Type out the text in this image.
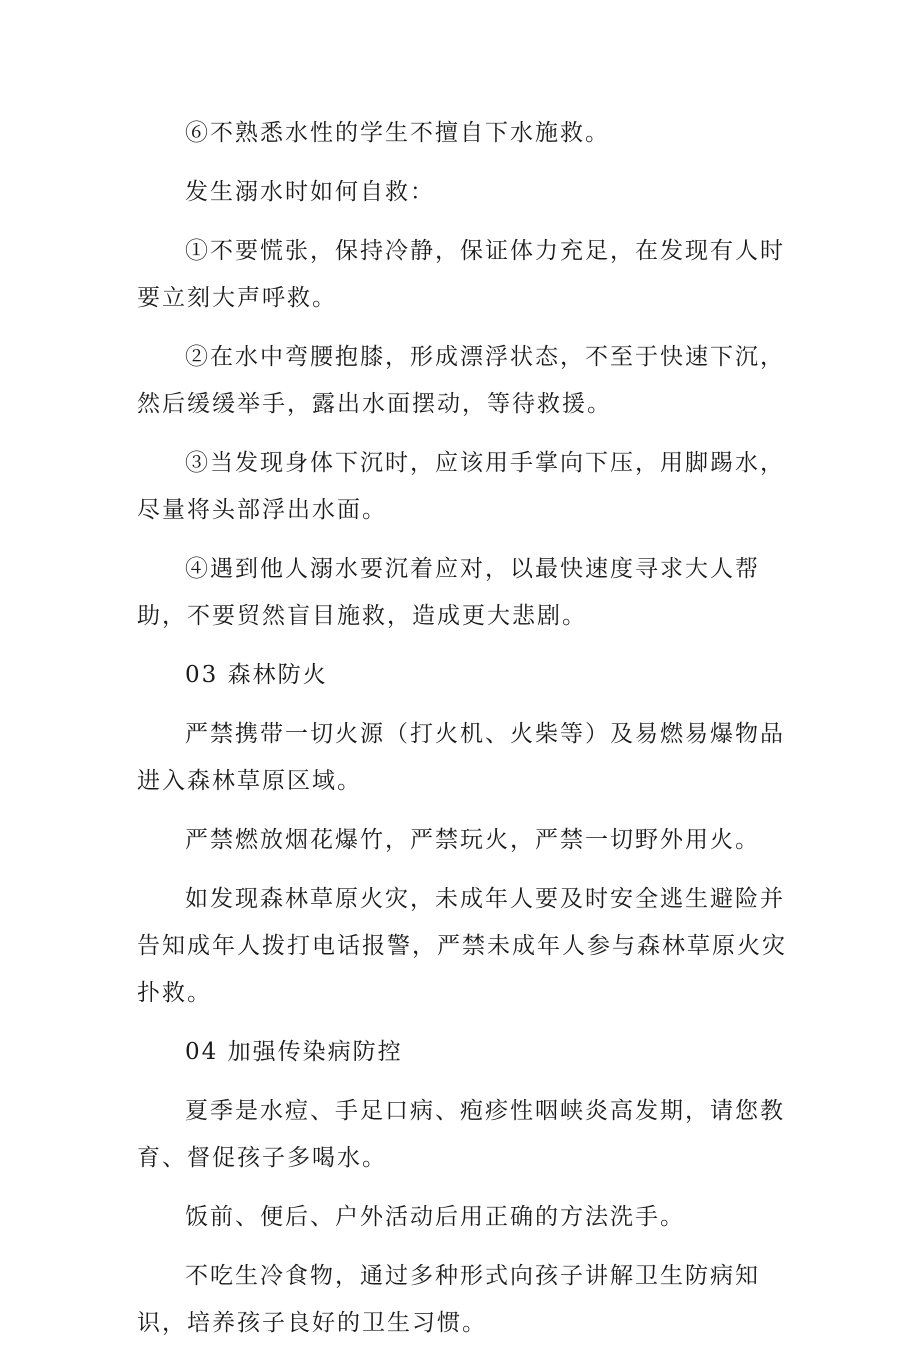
⑥不熟悉水性的学生不擅自下水施救。

发生溺水时如何自救：

①不要慌张，保持冷静，保证体力充足，在发现有人时要立刻大声呼救。

②在水中弯腰抱膝，形成漂浮状态，不至于快速下沉，然后缓缓举手，露出水面摆动，等待救援。

③当发现身体下沉时，应该用手掌向下压，用脚踢水，尽量将头部浮出水面。

④遇到他人溺水要沉着应对，以最快速度寻求大人帮助，不要贸然盲目施救，造成更大悲剧。

03 森林防火

严禁携带一切火源（打火机、火柴等）及易燃易爆物品进入森林草原区域。

严禁燃放烟花爆竹，严禁玩火，严禁一切野外用火。

如发现森林草原火灾，未成年人要及时安全逃生避险并告知成年人拨打电话报警，严禁未成年人参与森林草原火灾扑救。

04 加强传染病防控

夏季是水痘、手足口病、疱疹性咽峡炎高发期，请您教育、督促孩子多喝水。

饭前、便后、户外活动后用正确的方法洗手。

不吃生冷食物，通过多种形式向孩子讲解卫生防病知识，培养孩子良好的卫生习惯。
